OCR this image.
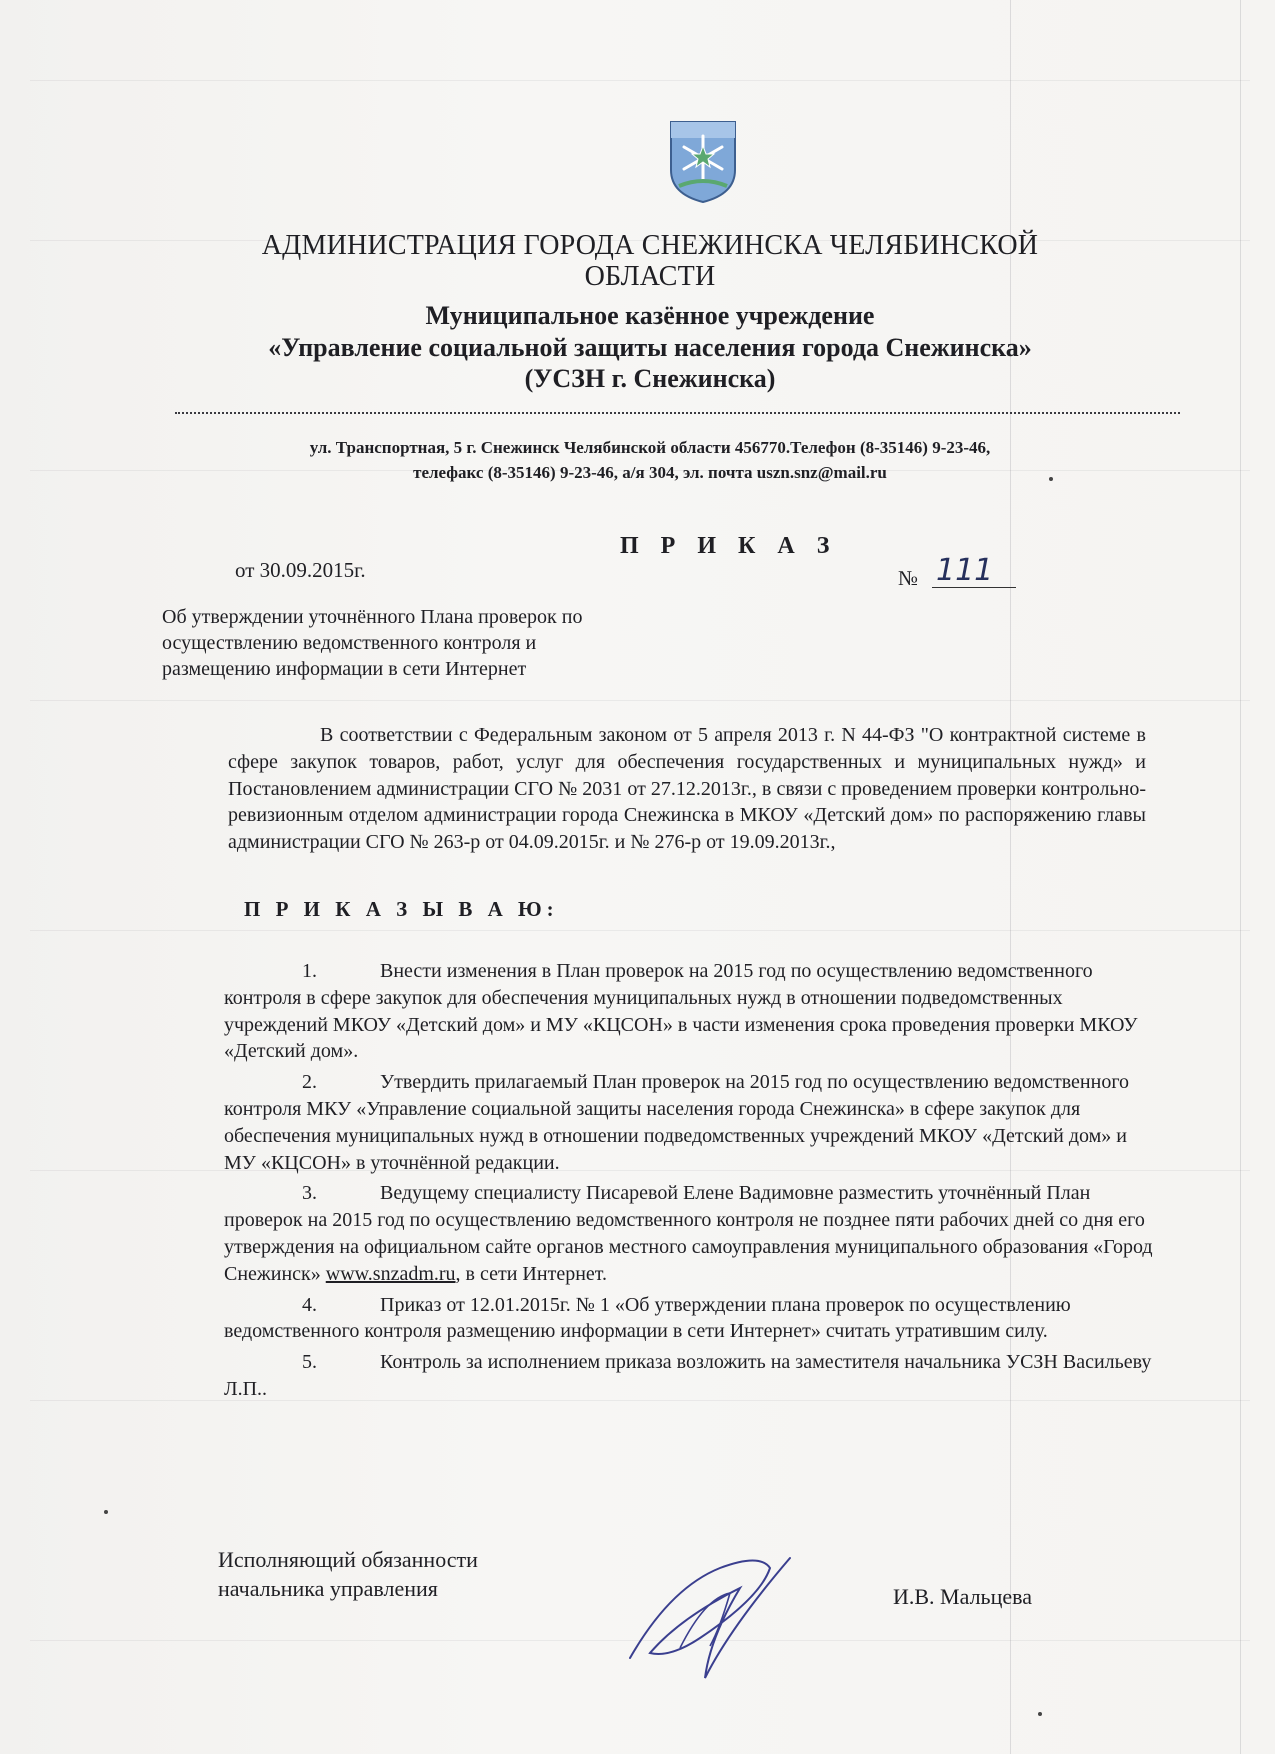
АДМИНИСТРАЦИЯ ГОРОДА СНЕЖИНСКА ЧЕЛЯБИНСКОЙ
ОБЛАСТИ
Муниципальное казённое учреждение
«Управление социальной защиты населения города Снежинска»
(УСЗН г. Снежинска)
ул. Транспортная, 5 г. Снежинск Челябинской области 456770.Телефон (8-35146) 9-23-46,
телефакс (8-35146) 9-23-46, а/я 304, эл. почта uszn.snz@mail.ru
П Р И К А З
от 30.09.2015г.	№ 111
Об утверждении уточнённого Плана проверок по
осуществлению ведомственного контроля и
размещению информации в сети Интернет
В соответствии с Федеральным законом от 5 апреля 2013 г. N 44-ФЗ "О контрактной системе в сфере закупок товаров, работ, услуг для обеспечения государственных и муниципальных нужд» и Постановлением администрации СГО № 2031 от 27.12.2013г., в связи с проведением проверки контрольно-ревизионным отделом администрации города Снежинска в МКОУ «Детский дом» по распоряжению главы администрации СГО № 263-р от 04.09.2015г. и № 276-р от 19.09.2013г.,
П Р И К А З Ы В А Ю:
1.	Внести изменения в План проверок на 2015 год по осуществлению ведомственного контроля в сфере закупок для обеспечения муниципальных нужд в отношении подведомственных учреждений МКОУ «Детский дом» и МУ «КЦСОН» в части изменения срока проведения проверки МКОУ «Детский дом».
2.	Утвердить прилагаемый План проверок на 2015 год по осуществлению ведомственного контроля МКУ «Управление социальной защиты населения города Снежинска» в сфере закупок для обеспечения муниципальных нужд в отношении подведомственных учреждений МКОУ «Детский дом» и МУ «КЦСОН» в уточнённой редакции.
3.	Ведущему специалисту Писаревой Елене Вадимовне разместить уточнённый План проверок на 2015 год по осуществлению ведомственного контроля не позднее пяти рабочих дней со дня его утверждения на официальном сайте органов местного самоуправления муниципального образования «Город Снежинск» www.snzadm.ru, в сети Интернет.
4.	Приказ от 12.01.2015г. № 1 «Об утверждении плана проверок по осуществлению ведомственного контроля размещению информации в сети Интернет» считать утратившим силу.
5.	Контроль за исполнением приказа возложить на заместителя начальника УСЗН Васильеву Л.П..
Исполняющий обязанности
начальника управления	И.В. Мальцева
